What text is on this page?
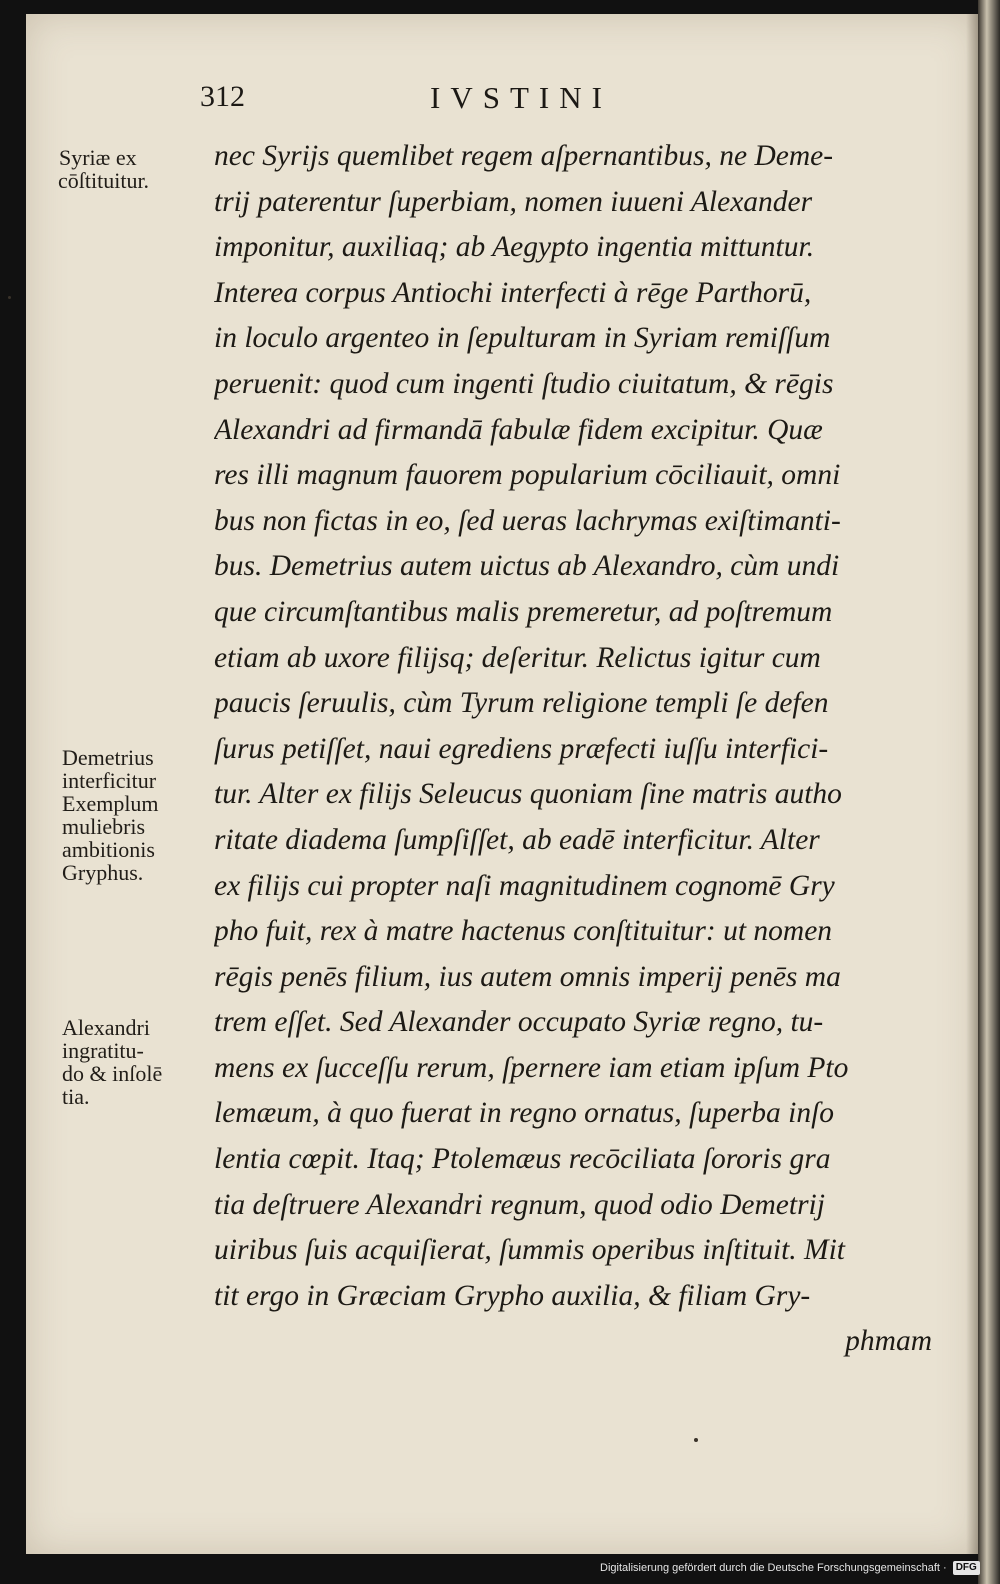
312	IVSTINI
Syriæ ex
cōſtituitur.
Demetrius
interficitur
Exemplum
muliebris
ambitionis
Gryphus.
Alexandri
ingratitu-
do & inſolē
tia.
nec Syrijs quemlibet regem aſpernantibus, ne Deme-
trij paterentur ſuperbiam, nomen iuueni Alexander
imponitur, auxiliaq; ab Aegypto ingentia mittuntur.
Interea corpus Antiochi interfecti à rēge Parthorū,
in loculo argenteo in ſepulturam in Syriam remiſſum
peruenit: quod cum ingenti ſtudio ciuitatum, & rēgis
Alexandri ad firmandā fabulæ fidem excipitur. Quæ
res illi magnum fauorem popularium cōciliauit, omni
bus non fictas in eo, ſed ueras lachrymas exiſtimanti-
bus. Demetrius autem uictus ab Alexandro, cùm undi
que circumſtantibus malis premeretur, ad poſtremum
etiam ab uxore filijsq; deſeritur. Relictus igitur cum
paucis ſeruulis, cùm Tyrum religione templi ſe defen
ſurus petiſſet, naui egrediens præfecti iuſſu interfici-
tur. Alter ex filijs Seleucus quoniam ſine matris autho
ritate diadema ſumpſiſſet, ab eadē interficitur. Alter
ex filijs cui propter naſi magnitudinem cognomē Gry
pho fuit, rex à matre hactenus conſtituitur: ut nomen
rēgis penēs filium, ius autem omnis imperij penēs ma
trem eſſet. Sed Alexander occupato Syriæ regno, tu-
mens ex ſucceſſu rerum, ſpernere iam etiam ipſum Pto
lemæum, à quo fuerat in regno ornatus, ſuperba inſo
lentia cœpit. Itaq; Ptolemæus recōciliata ſororis gra
tia deſtruere Alexandri regnum, quod odio Demetrij
uiribus ſuis acquiſierat, ſummis operibus inſtituit. Mit
tit ergo in Græciam Grypho auxilia, & filiam Gry-
phmam
Digitalisierung gefördert durch die Deutsche Forschungsgemeinschaft · DFG
